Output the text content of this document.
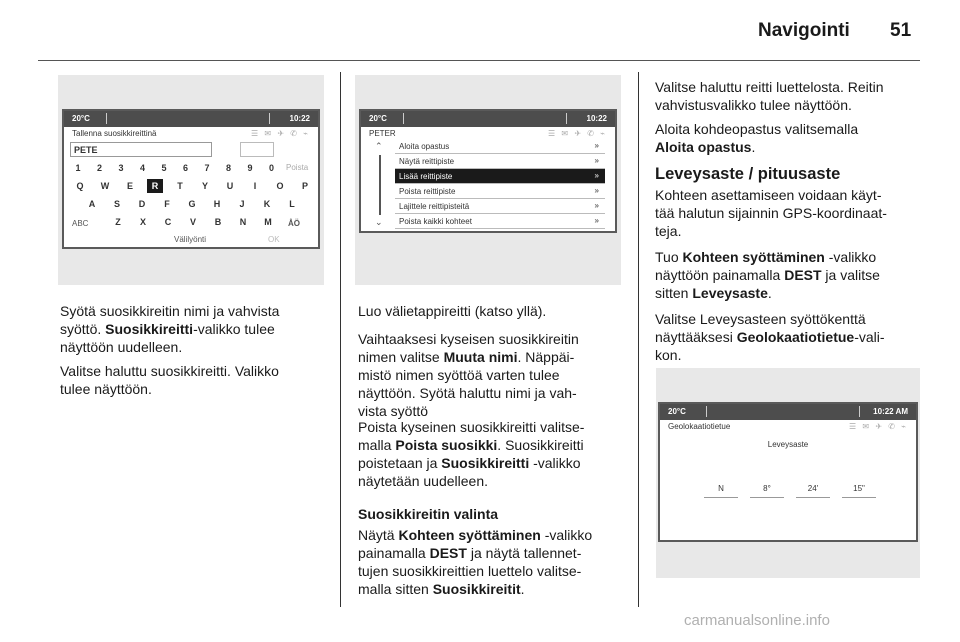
Navigointi 51
20°C	10:22
Tallenna suosikkireittinä	☰ ✉ ✈ ✆ ⌁
PETE
1	2	3	4	5	6	7	8	9	0	Poista
Q	W	E	R	T	Y	U	I	O	P
A	S	D	F	G	H	J	K	L
Z	X	C	V	B	N	M
ABC	ÅÖ
Välilyönti	OK
20°C	10:22
PETER	☰ ✉ ✈ ✆ ⌁
⌃
⌄
Aloita opastus	»
Näytä reittipiste	»
Lisää reittipiste	»
Poista reittipiste	»
Lajittele reittipisteitä	»
Poista kaikki kohteet	»
20°C	10:22 AM
Geolokaatiotietue	☰ ✉ ✈ ✆ ⌁
Leveysaste
N	8°	24'	15"
Syötä suosikkireitin nimi ja vahvista
syöttö. Suosikkireitti-valikko tulee
näyttöön uudelleen.
Valitse haluttu suosikkireitti. Valikko
tulee näyttöön.
Luo välietappireitti (katso yllä).
Vaihtaaksesi kyseisen suosikkireitin
nimen valitse Muuta nimi. Näppäi-
mistö nimen syöttöä varten tulee
näyttöön. Syötä haluttu nimi ja vah-
vista syöttö
Poista kyseinen suosikkireitti valitse-
malla Poista suosikki. Suosikkireitti
poistetaan ja Suosikkireitti -valikko
näytetään uudelleen.
Suosikkireitin valinta
Näytä Kohteen syöttäminen -valikko
painamalla DEST ja näytä tallennet-
tujen suosikkireittien luettelo valitse-
malla sitten Suosikkireitit.
Valitse haluttu reitti luettelosta. Reitin
vahvistusvalikko tulee näyttöön.
Aloita kohdeopastus valitsemalla
Aloita opastus.
Leveysaste / pituusaste
Kohteen asettamiseen voidaan käyt-
tää halutun sijainnin GPS-koordinaat-
teja.
Tuo Kohteen syöttäminen -valikko
näyttöön painamalla DEST ja valitse
sitten Leveysaste.
Valitse Leveysasteen syöttökenttä
näyttääksesi Geolokaatiotietue-vali-
kon.
carmanualsonline.info
